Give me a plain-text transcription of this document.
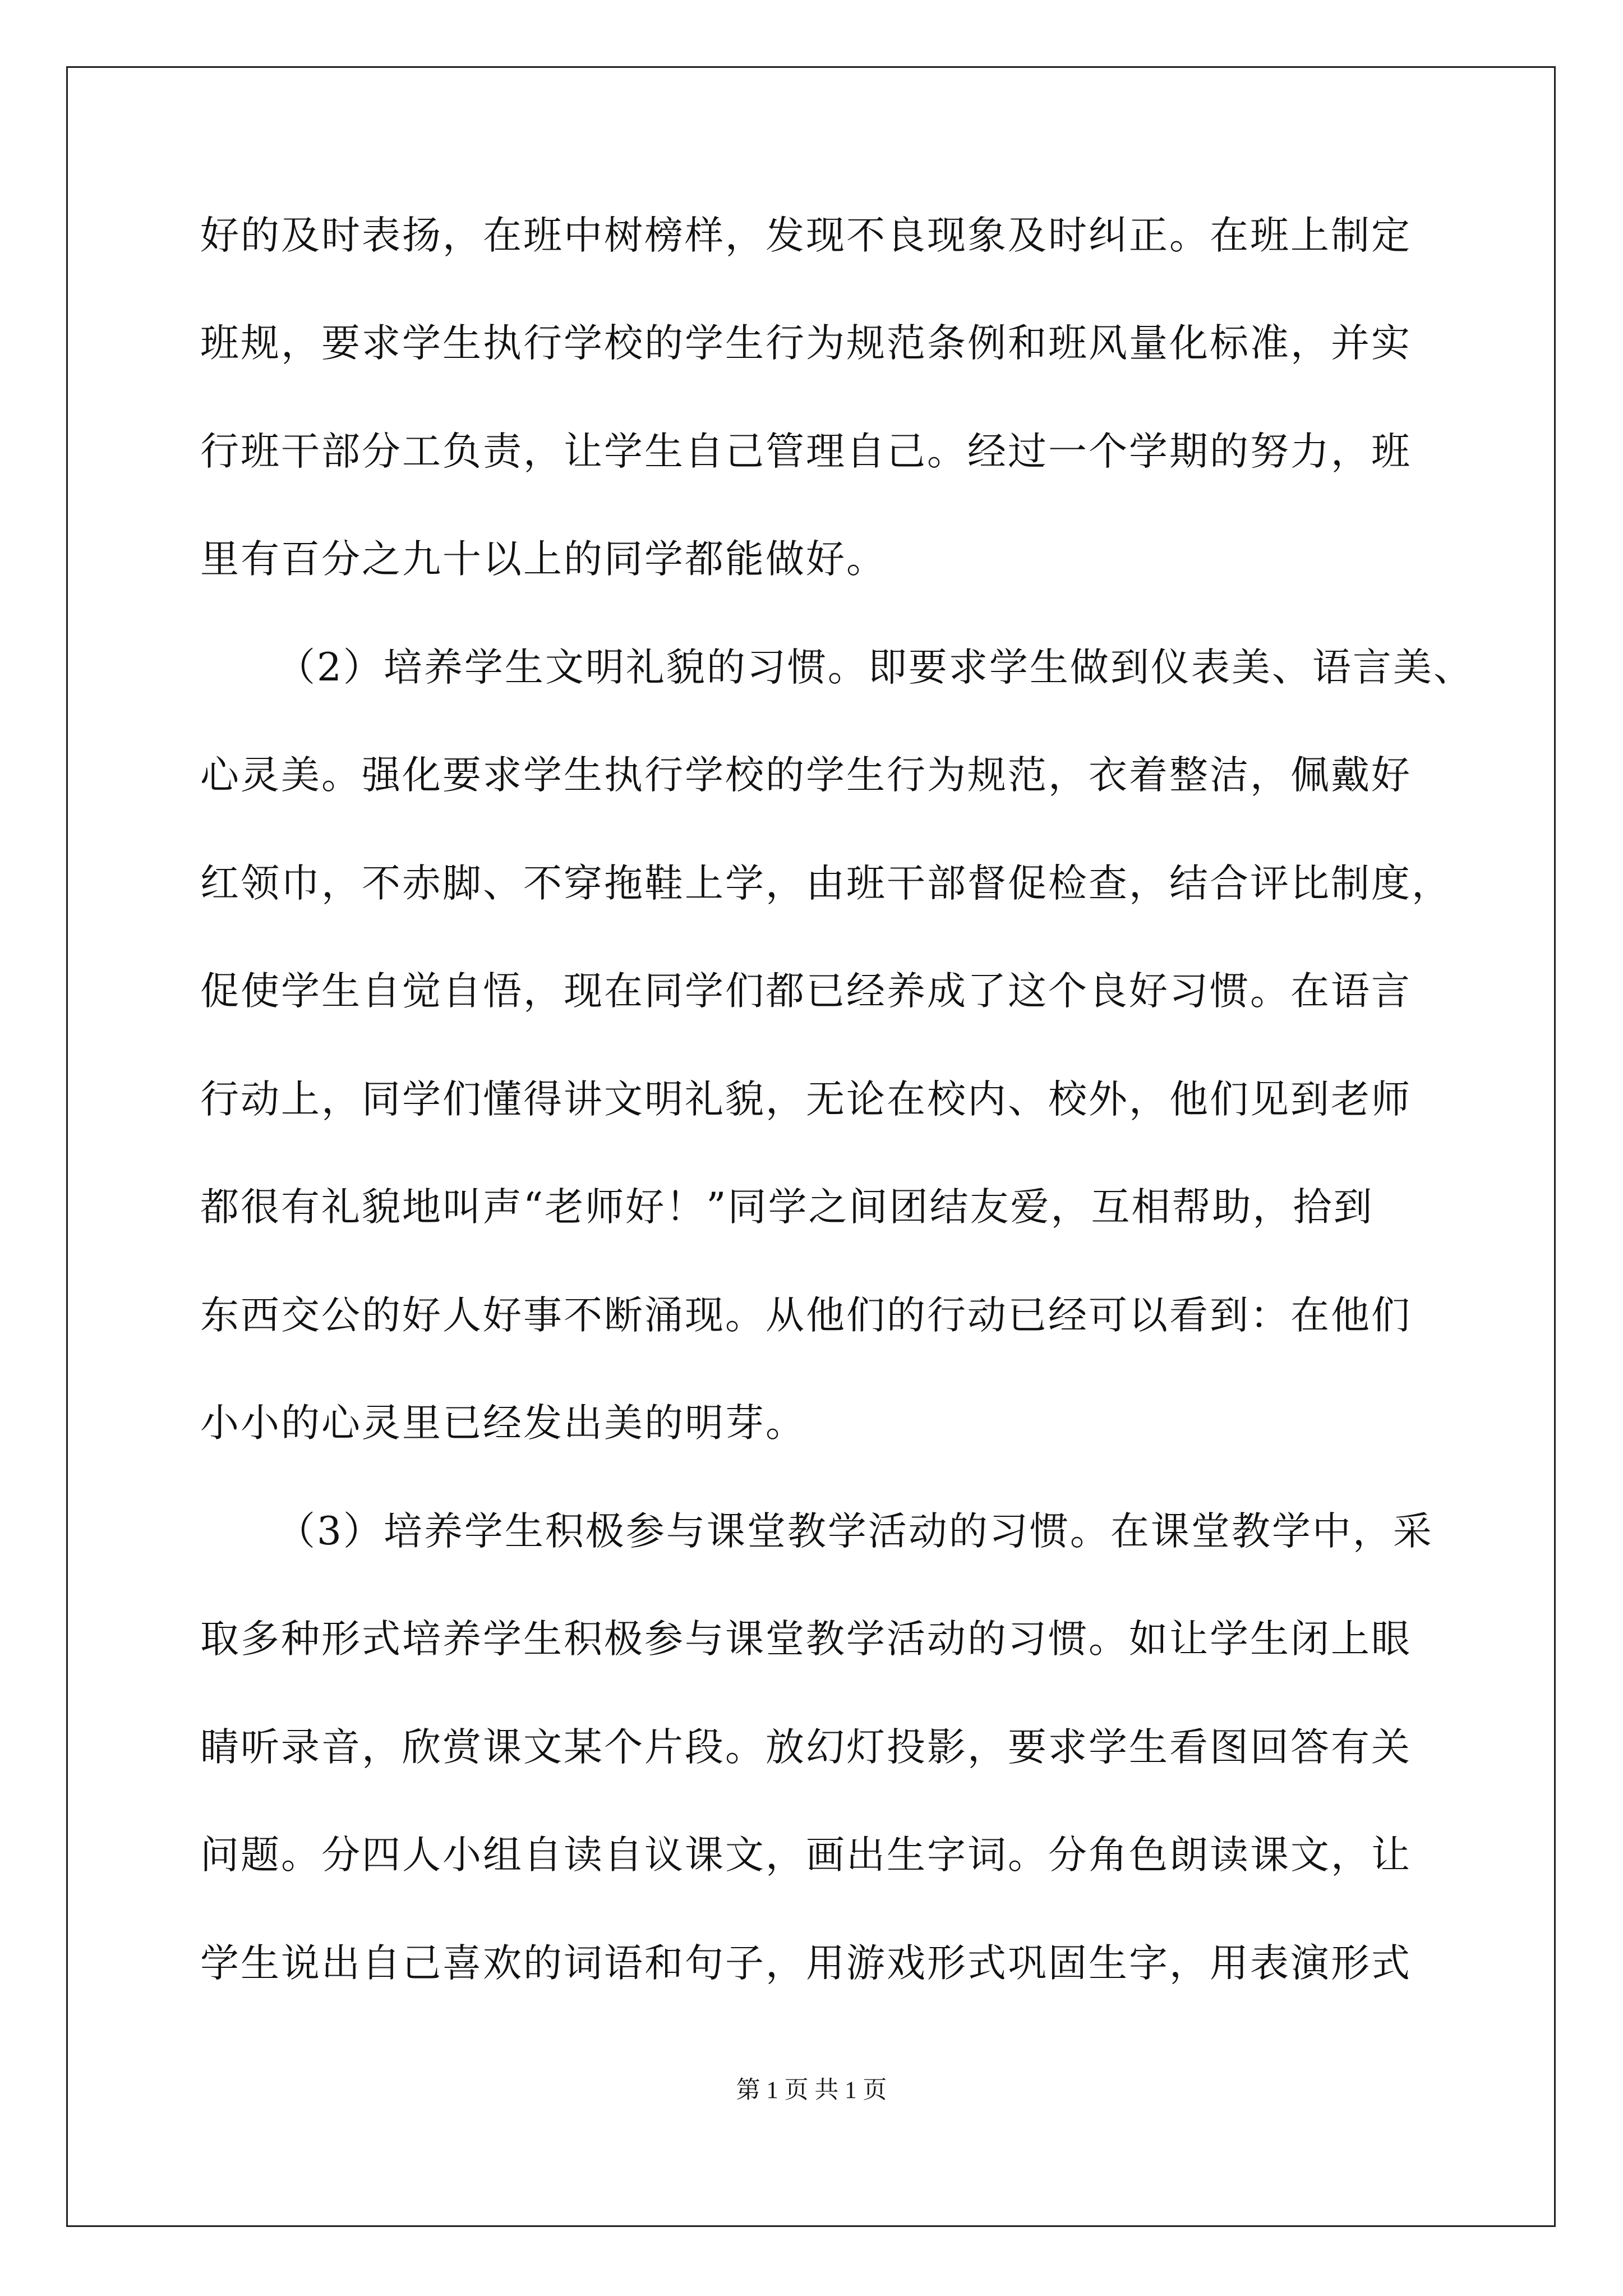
好的及时表扬，在班中树榜样，发现不良现象及时纠正。在班上制定
班规，要求学生执行学校的学生行为规范条例和班风量化标准，并实
行班干部分工负责，让学生自己管理自己。经过一个学期的努力，班
里有百分之九十以上的同学都能做好。
（2）培养学生文明礼貌的习惯。即要求学生做到仪表美、语言美、
心灵美。强化要求学生执行学校的学生行为规范，衣着整洁，佩戴好
红领巾，不赤脚、不穿拖鞋上学，由班干部督促检查，结合评比制度，
促使学生自觉自悟，现在同学们都已经养成了这个良好习惯。在语言
行动上，同学们懂得讲文明礼貌，无论在校内、校外，他们见到老师
都很有礼貌地叫声“老师好！”同学之间团结友爱，互相帮助，拾到
东西交公的好人好事不断涌现。从他们的行动已经可以看到：在他们
小小的心灵里已经发出美的明芽。
（3）培养学生积极参与课堂教学活动的习惯。在课堂教学中，采
取多种形式培养学生积极参与课堂教学活动的习惯。如让学生闭上眼
睛听录音，欣赏课文某个片段。放幻灯投影，要求学生看图回答有关
问题。分四人小组自读自议课文，画出生字词。分角色朗读课文，让
学生说出自己喜欢的词语和句子，用游戏形式巩固生字，用表演形式
第 1 页 共 1 页
